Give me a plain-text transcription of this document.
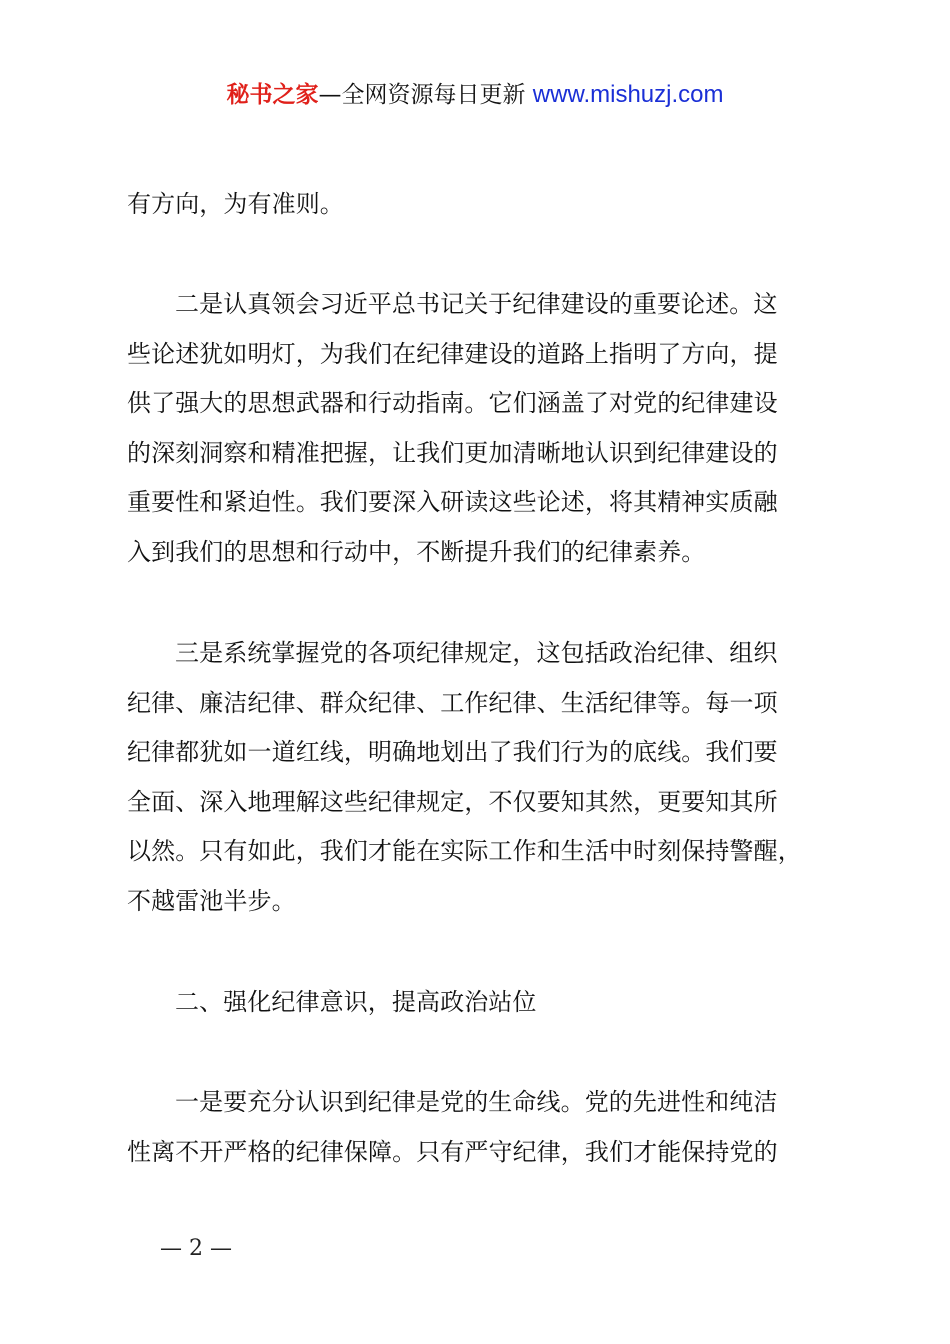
秘书之家—全网资源每日更新 www.mishuzj.com
有方向，为有准则。
二是认真领会习近平总书记关于纪律建设的重要论述。这
些论述犹如明灯，为我们在纪律建设的道路上指明了方向，提
供了强大的思想武器和行动指南。它们涵盖了对党的纪律建设
的深刻洞察和精准把握，让我们更加清晰地认识到纪律建设的
重要性和紧迫性。我们要深入研读这些论述，将其精神实质融
入到我们的思想和行动中，不断提升我们的纪律素养。
三是系统掌握党的各项纪律规定，这包括政治纪律、组织
纪律、廉洁纪律、群众纪律、工作纪律、生活纪律等。每一项
纪律都犹如一道红线，明确地划出了我们行为的底线。我们要
全面、深入地理解这些纪律规定，不仅要知其然，更要知其所
以然。只有如此，我们才能在实际工作和生活中时刻保持警醒，
不越雷池半步。
二、强化纪律意识，提高政治站位
一是要充分认识到纪律是党的生命线。党的先进性和纯洁
性离不开严格的纪律保障。只有严守纪律，我们才能保持党的
— 2 —
